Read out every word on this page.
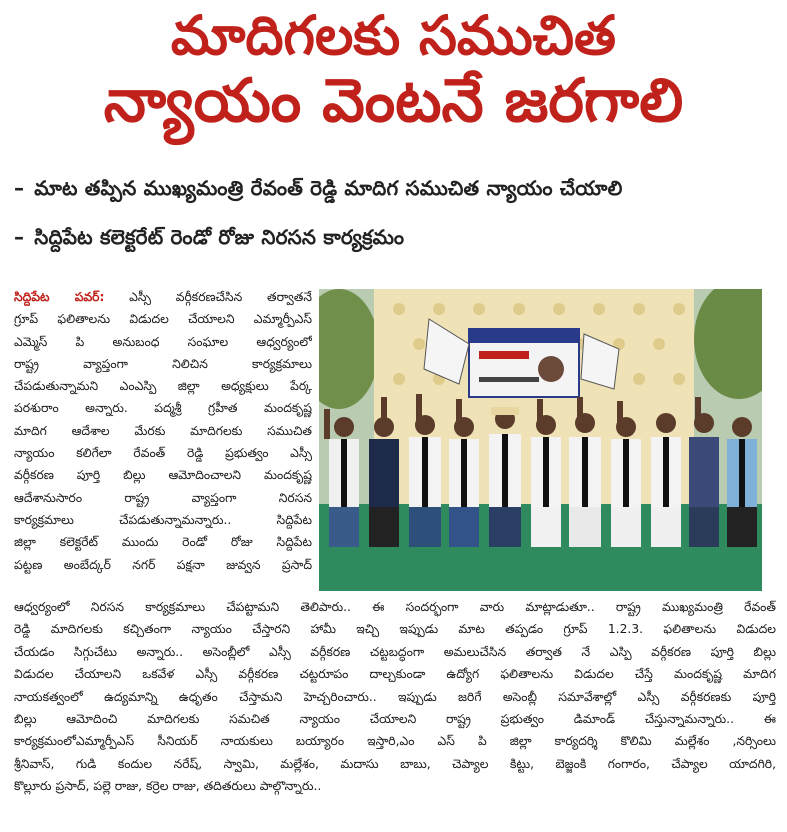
మాదిగలకు సముచిత
న్యాయం వెంటనే జరగాలి
– మాట తప్పిన ముఖ్యమంత్రి రేవంత్ రెడ్డి మాదిగ సముచిత న్యాయం చేయాలి
– సిద్దిపేట కలెక్టరేట్ రెండో రోజు నిరసన కార్యక్రమం
సిద్దిపేట పవర్: ఎస్సీ వర్గీకరణచేసిన తర్వాతనే
గ్రూప్ ఫలితాలను విడుదల చేయాలని ఎమ్మార్పీఎస్
ఎమ్మెస్ పి అనుబంధ సంఘాల ఆధ్వర్యంలో
రాష్ట్ర వ్యాప్తంగా నిలిచిన కార్యక్రమాలు
చేపడుతున్నామని ఎంఎస్పి జిల్లా అధ్యక్షులు పేర్క
పరశురాం అన్నారు. పద్మశ్రీ గ్రహీత మందకృష్ణ
మాదిగ ఆదేశాల మేరకు మాదిగలకు సముచిత
న్యాయం కలిగేలా రేవంత్ రెడ్డి ప్రభుత్వం ఎస్సీ
వర్గీకరణ పూర్తి బిల్లు ఆమోదించాలని మందకృష్ణ
ఆదేశానుసారం రాష్ట్ర వ్యాప్తంగా నిరసన
కార్యక్రమాలు చేపడుతున్నామన్నారు.. సిద్దిపేట
జిల్లా కలెక్టరేట్ ముందు రెండో రోజు సిద్దిపేట
పట్టణ అంబేద్కర్ నగర్ పక్షనా జువ్వన ప్రసాద్
ఆధ్వర్యంలో నిరసన కార్యక్రమాలు చేపట్టామని తెలిపారు.. ఈ సందర్భంగా వారు మాట్లాడుతూ.. రాష్ట్ర ముఖ్యమంత్రి రేవంత్
రెడ్డి మాదిగలకు కచ్చితంగా న్యాయం చేస్తారని హామీ ఇచ్చి ఇప్పుడు మాట తప్పడం గ్రూప్ 1.2.3. ఫలితాలను విడుదల
చేయడం సిగ్గుచేటు అన్నారు.. అసెంబ్లీలో ఎస్సీ వర్గీకరణ చట్టబద్ధంగా అమలుచేసిన తర్వాత నే ఎస్పి వర్గీకరణ పూర్తి బిల్లు
విడుదల చేయాలని ఒకవేళ ఎస్సీ వర్గీకరణ చట్టరూపం దాల్చకుండా ఉద్యోగ ఫలితాలను విడుదల చేస్తే మందకృష్ణ మాదిగ
నాయకత్వంలో ఉద్యమాన్ని ఉధృతం చేస్తామని హెచ్చరించారు.. ఇప్పుడు జరిగే అసెంబ్లీ సమావేశాల్లో ఎస్సీ వర్గీకరణకు పూర్తి
బిల్లు ఆమోదించి మాదిగలకు సమచిత న్యాయం చేయాలని రాష్ట్ర ప్రభుత్వం డిమాండ్ చేస్తున్నామన్నారు.. ఈ
కార్యక్రమంలోఎమ్మార్పీఎస్ సీనియర్ నాయకులు బయ్యారం ఇస్తారి,ఎం ఎస్ పి జిల్లా కార్యదర్శి కొలిమి మల్లేశం ,నర్సింలు
శ్రీనివాస్, గుడి కందుల నరేష్, స్వామి, మల్లేశం, మదాసు బాబు, చెప్యాల కిట్టు, బెజ్జంకి గంగారం, చేప్యాల యాదగిరి,
కొల్లూరు ప్రసాద్, పల్లె రాజు, కర్రెల రాజు, తదితరులు పాల్గొన్నారు..
